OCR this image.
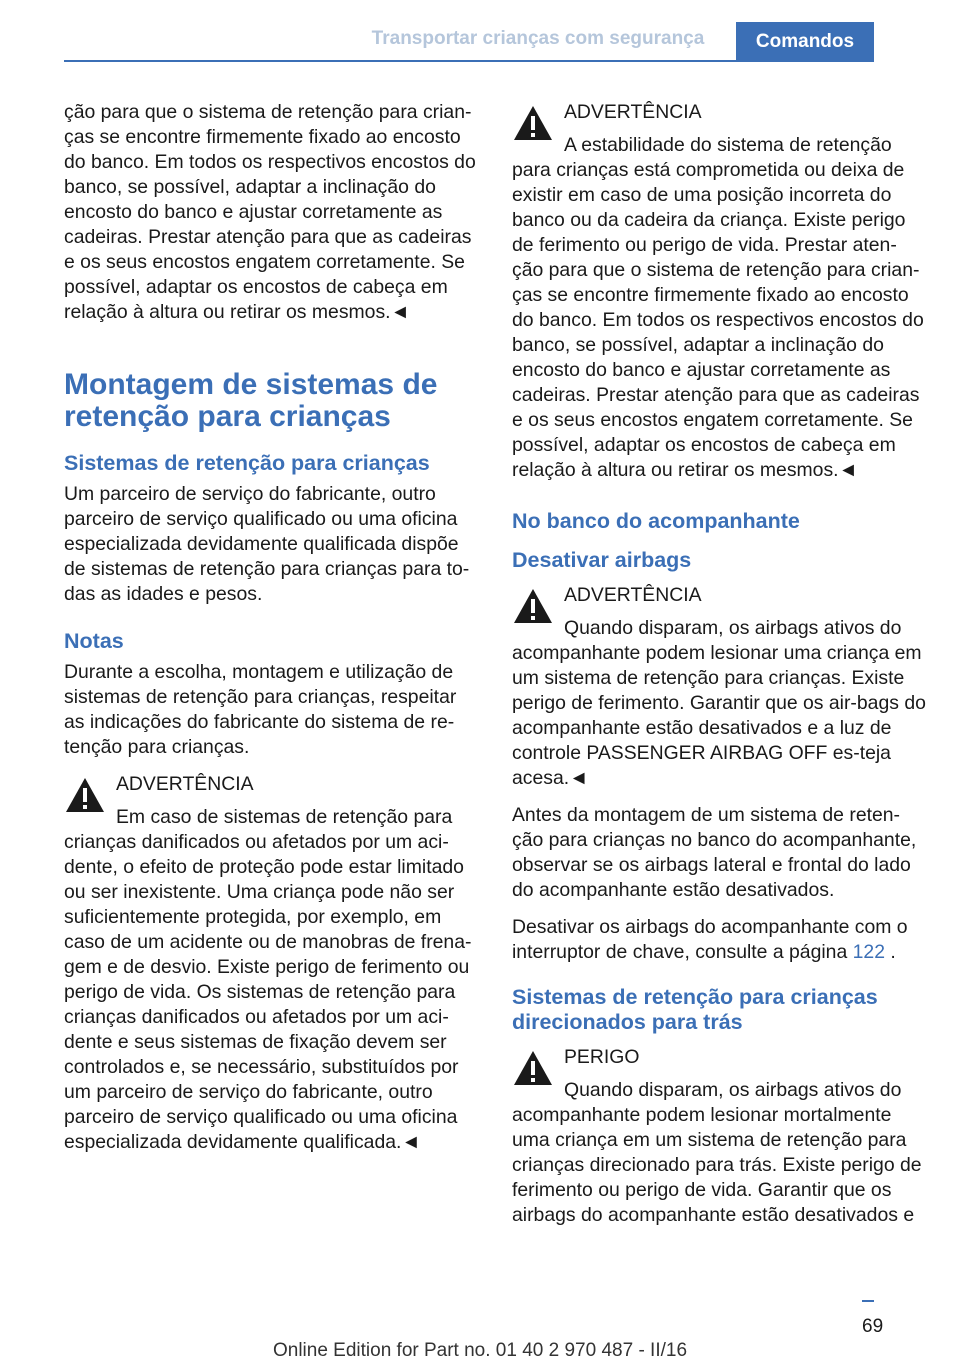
Transportar crianças com segurança	Comandos

ção para que o sistema de retenção para crian-ças se encontre firmemente fixado ao encosto do banco. Em todos os respectivos encostos do banco, se possível, adaptar a inclinação do encosto do banco e ajustar corretamente as cadeiras. Prestar atenção para que as cadeiras e os seus encostos engatem corretamente. Se possível, adaptar os encostos de cabeça em relação à altura ou retirar os mesmos.◄

Montagem de sistemas de retenção para crianças
Sistemas de retenção para crianças

Um parceiro de serviço do fabricante, outro parceiro de serviço qualificado ou uma oficina especializada devidamente qualificada dispõe de sistemas de retenção para crianças para to-das as idades e pesos.

Notas

Durante a escolha, montagem e utilização de sistemas de retenção para crianças, respeitar as indicações do fabricante do sistema de re-tenção para crianças.

ADVERTÊNCIA
Em caso de sistemas de retenção para crianças danificados ou afetados por um aci-dente, o efeito de proteção pode estar limitado ou ser inexistente. Uma criança pode não ser suficientemente protegida, por exemplo, em caso de um acidente ou de manobras de frena-gem e de desvio. Existe perigo de ferimento ou perigo de vida. Os sistemas de retenção para crianças danificados ou afetados por um aci-dente e seus sistemas de fixação devem ser controlados e, se necessário, substituídos por um parceiro de serviço do fabricante, outro parceiro de serviço qualificado ou uma oficina especializada devidamente qualificada.◄
ADVERTÊNCIA
A estabilidade do sistema de retenção para crianças está comprometida ou deixa de existir em caso de uma posição incorreta do banco ou da cadeira da criança. Existe perigo de ferimento ou perigo de vida. Prestar aten-ção para que o sistema de retenção para crian-ças se encontre firmemente fixado ao encosto do banco. Em todos os respectivos encostos do banco, se possível, adaptar a inclinação do encosto do banco e ajustar corretamente as cadeiras. Prestar atenção para que as cadeiras e os seus encostos engatem corretamente. Se possível, adaptar os encostos de cabeça em relação à altura ou retirar os mesmos.◄
No banco do acompanhante
Desativar airbags
ADVERTÊNCIA
Quando disparam, os airbags ativos do acompanhante podem lesionar uma criança em um sistema de retenção para crianças. Existe perigo de ferimento. Garantir que os air-bags do acompanhante estão desativados e a luz de controle PASSENGER AIRBAG OFF es-teja acesa.◄

Antes da montagem de um sistema de reten-ção para crianças no banco do acompanhante, observar se os airbags lateral e frontal do lado do acompanhante estão desativados.

Desativar os airbags do acompanhante com o interruptor de chave, consulte a página 122 .

Sistemas de retenção para crianças direcionados para trás
PERIGO
Quando disparam, os airbags ativos do acompanhante podem lesionar mortalmente uma criança em um sistema de retenção para crianças direcionado para trás. Existe perigo de ferimento ou perigo de vida. Garantir que os airbags do acompanhante estão desativados e
69
Online Edition for Part no. 01 40 2 970 487 - II/16
